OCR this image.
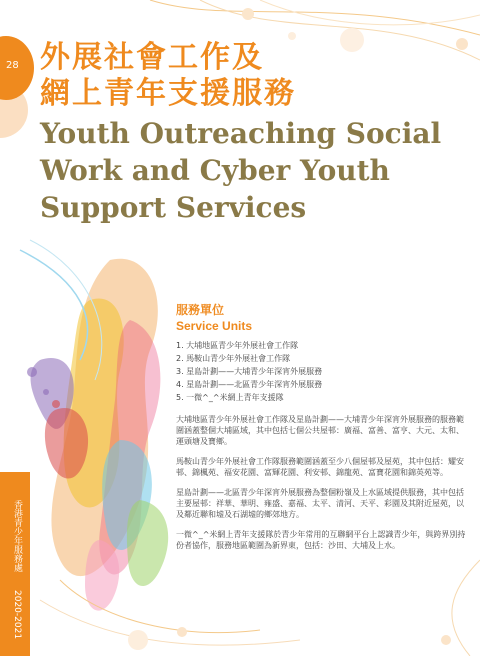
28 外展社會工作及
網上青年支援服務
Youth Outreaching Social
Work and Cyber Youth
Support Services
香港青少年服務處
2020-2021

服務單位

Service Units

1. 大埔地區青少年外展社會工作隊
2. 馬鞍山青少年外展社會工作隊
3. 星島計劃——大埔青少年深宵外展服務
4. 星島計劃——北區青少年深宵外展服務
5. 一微^_^米網上青年支援隊

大埔地區青少年外展社會工作隊及星島計劃——大埔青少年深宵外展服務的服務範圍涵蓋整個大埔區域，其中包括七個公共屋邨：廣福、富善、富亨、大元、太和、運頭塘及寶鄉。

馬鞍山青少年外展社會工作隊服務範圍涵蓋至少八個屋邨及屋苑，其中包括：耀安邨、錦楓苑、福安花園、富輝花園、利安邨、錦龍苑、富寶花園和錦英苑等。

星島計劃——北區青少年深宵外展服務為整個粉嶺及上水區域提供服務，其中包括主要屋邨：祥華、華明、雍盛、嘉福、太平、清河、天平、彩園及其附近屋苑，以及鄰近聯和墟及石湖墟的鄉郊地方。

一微^_^米網上青年支援隊於青少年常用的互聯網平台上認識青少年，與跨界別持份者協作，服務地區範圍為新界東，包括：沙田、大埔及上水。
